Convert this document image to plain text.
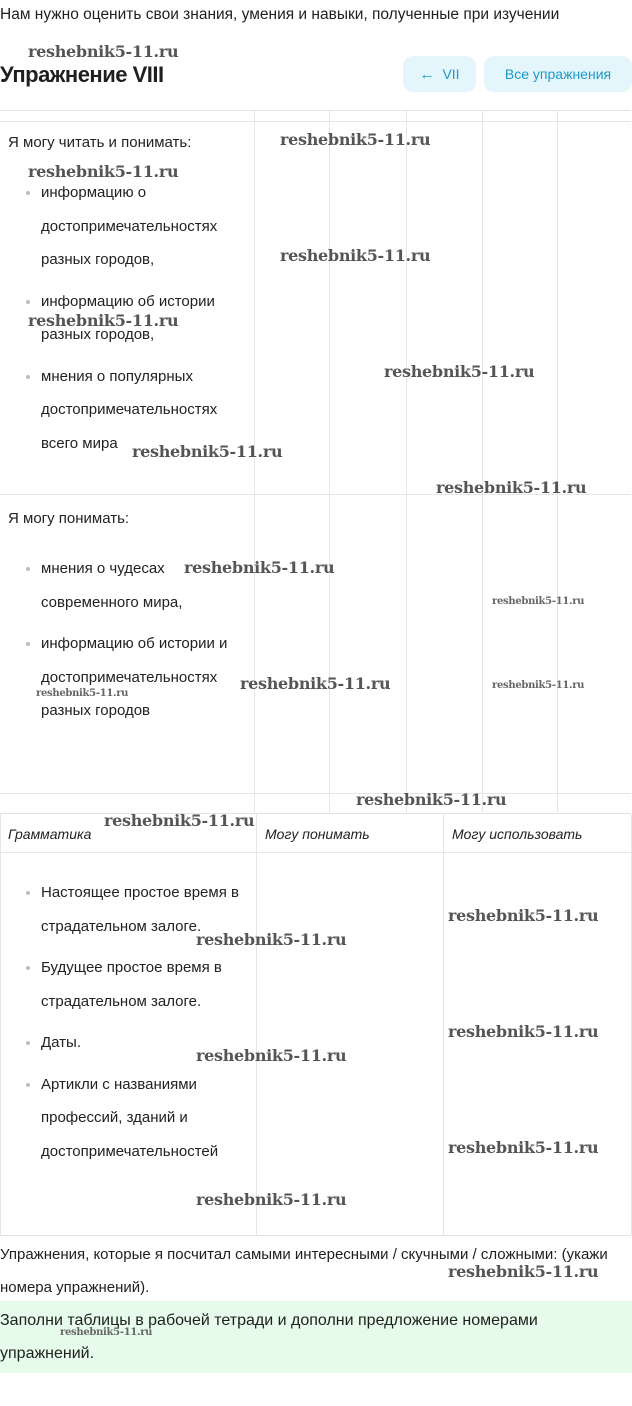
Нам нужно оценить свои знания, умения и навыки, полученные при изучении
Упражнение VIII	← VII	Все упражнения
Я могу читать и понимать:
информацию о достопримечательностях разных городов,
информацию об истории разных городов,
мнения о популярных достопримечательностях всего мира
Я могу понимать:
мнения о чудесах современного мира,
информацию об истории и достопримечательностях разных городов
Грамматика	Могу понимать	Могу использовать
Настоящее простое время в страдательном залоге.
Будущее простое время в страдательном залоге.
Даты.
Артикли с названиями профессий, зданий и достопримечательностей
Упражнения, которые я посчитал самыми интересными / скучными / сложными: (укажи номера упражнений).
Заполни таблицы в рабочей тетради и дополни предложение номерами упражнений.
reshebnik5-11.ru
reshebnik5-11.ru
reshebnik5-11.ru
reshebnik5-11.ru
reshebnik5-11.ru
reshebnik5-11.ru
reshebnik5-11.ru
reshebnik5-11.ru
reshebnik5-11.ru
reshebnik5-11.ru
reshebnik5-11.ru	reshebnik5-11.ru
reshebnik5-11.ru
reshebnik5-11.ru
reshebnik5-11.ru
reshebnik5-11.ru
reshebnik5-11.ru
reshebnik5-11.ru
reshebnik5-11.ru
reshebnik5-11.ru
reshebnik5-11.ru
reshebnik5-11.ru
reshebnik5-11.ru
